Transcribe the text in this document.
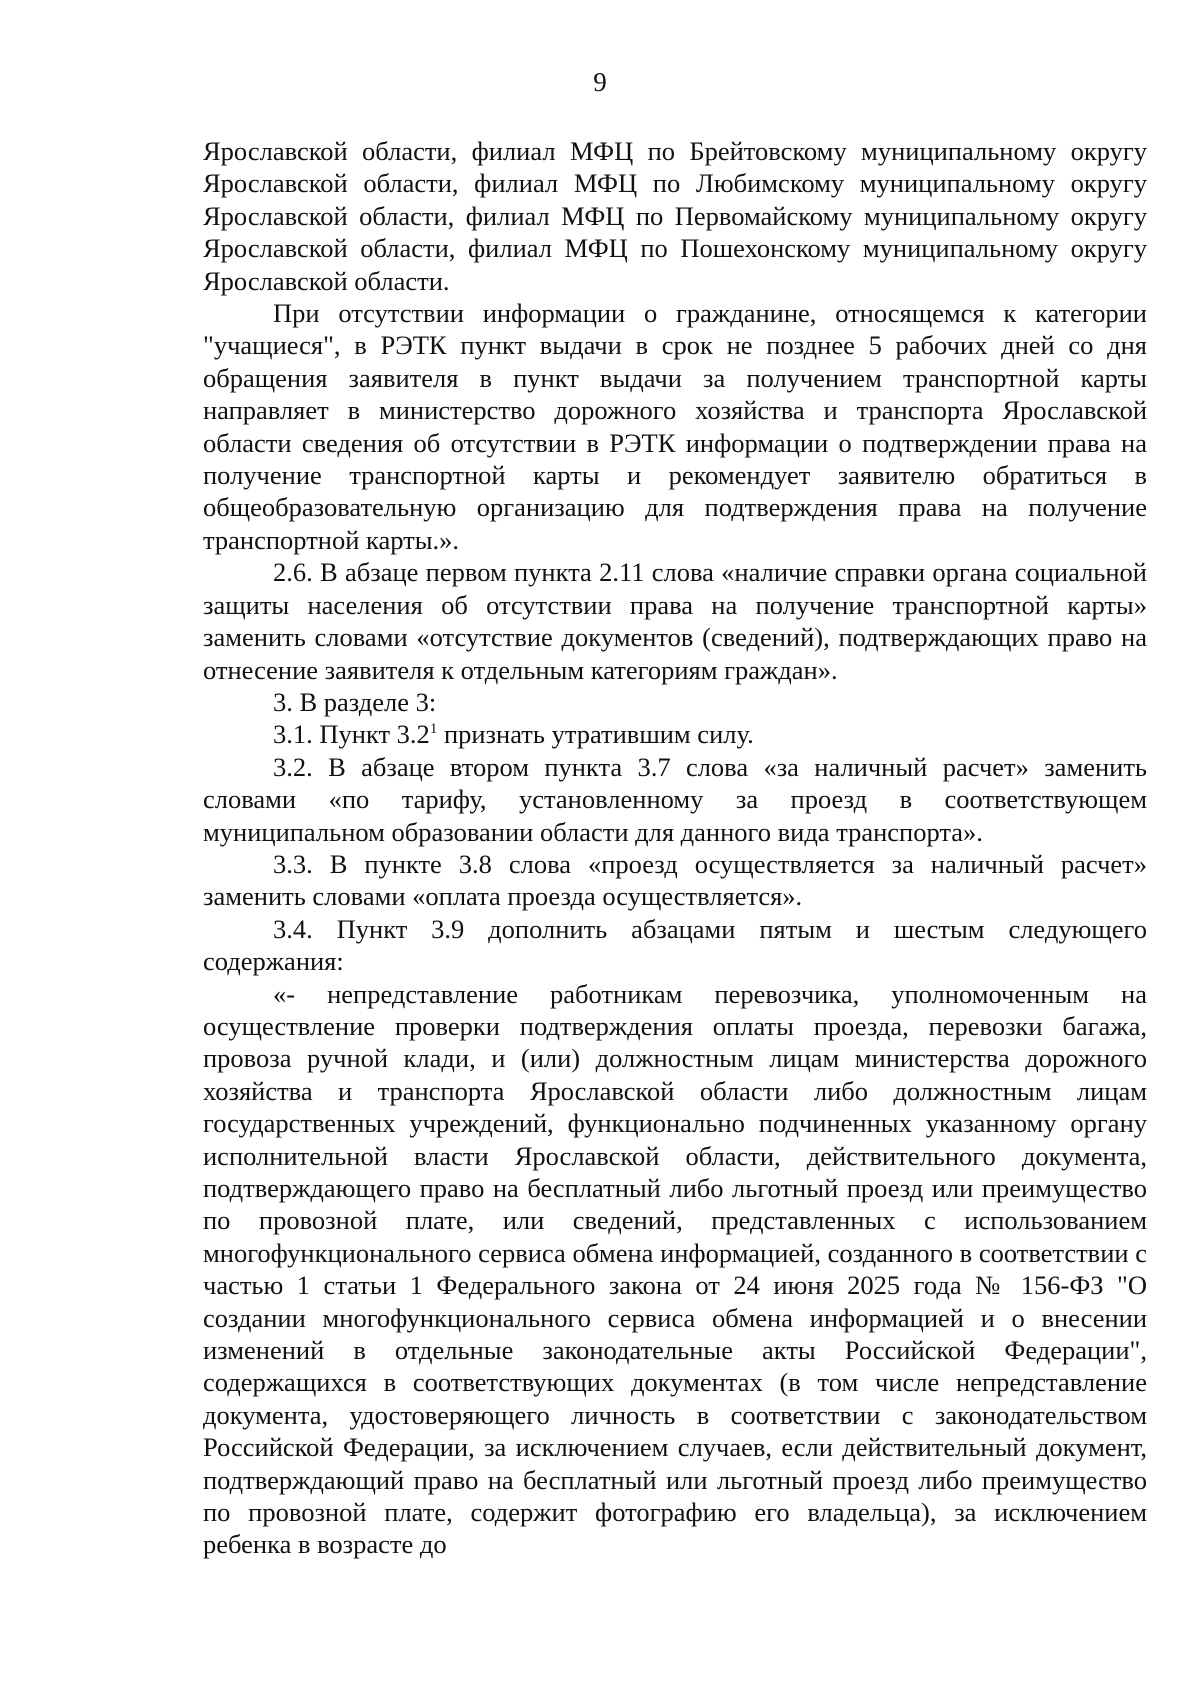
9

Ярославской области, филиал МФЦ по Брейтовскому муниципальному округу Ярославской области, филиал МФЦ по Любимскому муниципальному округу Ярославской области, филиал МФЦ по Первомайскому муниципальному округу Ярославской области, филиал МФЦ по Пошехонскому муниципальному округу Ярославской области.

При отсутствии информации о гражданине, относящемся к категории "учащиеся", в РЭТК пункт выдачи в срок не позднее 5 рабочих дней со дня обращения заявителя в пункт выдачи за получением транспортной карты направляет в министерство дорожного хозяйства и транспорта Ярославской области сведения об отсутствии в РЭТК информации о подтверждении права на получение транспортной карты и рекомендует заявителю обратиться в общеобразовательную организацию для подтверждения права на получение транспортной карты.».

2.6. В абзаце первом пункта 2.11 слова «наличие справки органа социальной защиты населения об отсутствии права на получение транспортной карты» заменить словами «отсутствие документов (сведений), подтверждающих право на отнесение заявителя к отдельным категориям граждан».

3. В разделе 3:

3.1. Пункт $3.2^1$ признать утратившим силу.

3.2. В абзаце втором пункта 3.7 слова «за наличный расчет» заменить словами «по тарифу, установленному за проезд в соответствующем муниципальном образовании области для данного вида транспорта».

3.3. В пункте 3.8 слова «проезд осуществляется за наличный расчет» заменить словами «оплата проезда осуществляется».

3.4. Пункт 3.9 дополнить абзацами пятым и шестым следующего содержания:

«- непредставление работникам перевозчика, уполномоченным на осуществление проверки подтверждения оплаты проезда, перевозки багажа, провоза ручной клади, и (или) должностным лицам министерства дорожного хозяйства и транспорта Ярославской области либо должностным лицам государственных учреждений, функционально подчиненных указанному органу исполнительной власти Ярославской области, действительного документа, подтверждающего право на бесплатный либо льготный проезд или преимущество по провозной плате, или сведений, представленных с использованием многофункционального сервиса обмена информацией, созданного в соответствии с частью 1 статьи 1 Федерального закона от 24 июня 2025 года № 156-ФЗ "О создании многофункционального сервиса обмена информацией и о внесении изменений в отдельные законодательные акты Российской Федерации", содержащихся в соответствующих документах (в том числе непредставление документа, удостоверяющего личность в соответствии с законодательством Российской Федерации, за исключением случаев, если действительный документ, подтверждающий право на бесплатный или льготный проезд либо преимущество по провозной плате, содержит фотографию его владельца), за исключением ребенка в возрасте до
